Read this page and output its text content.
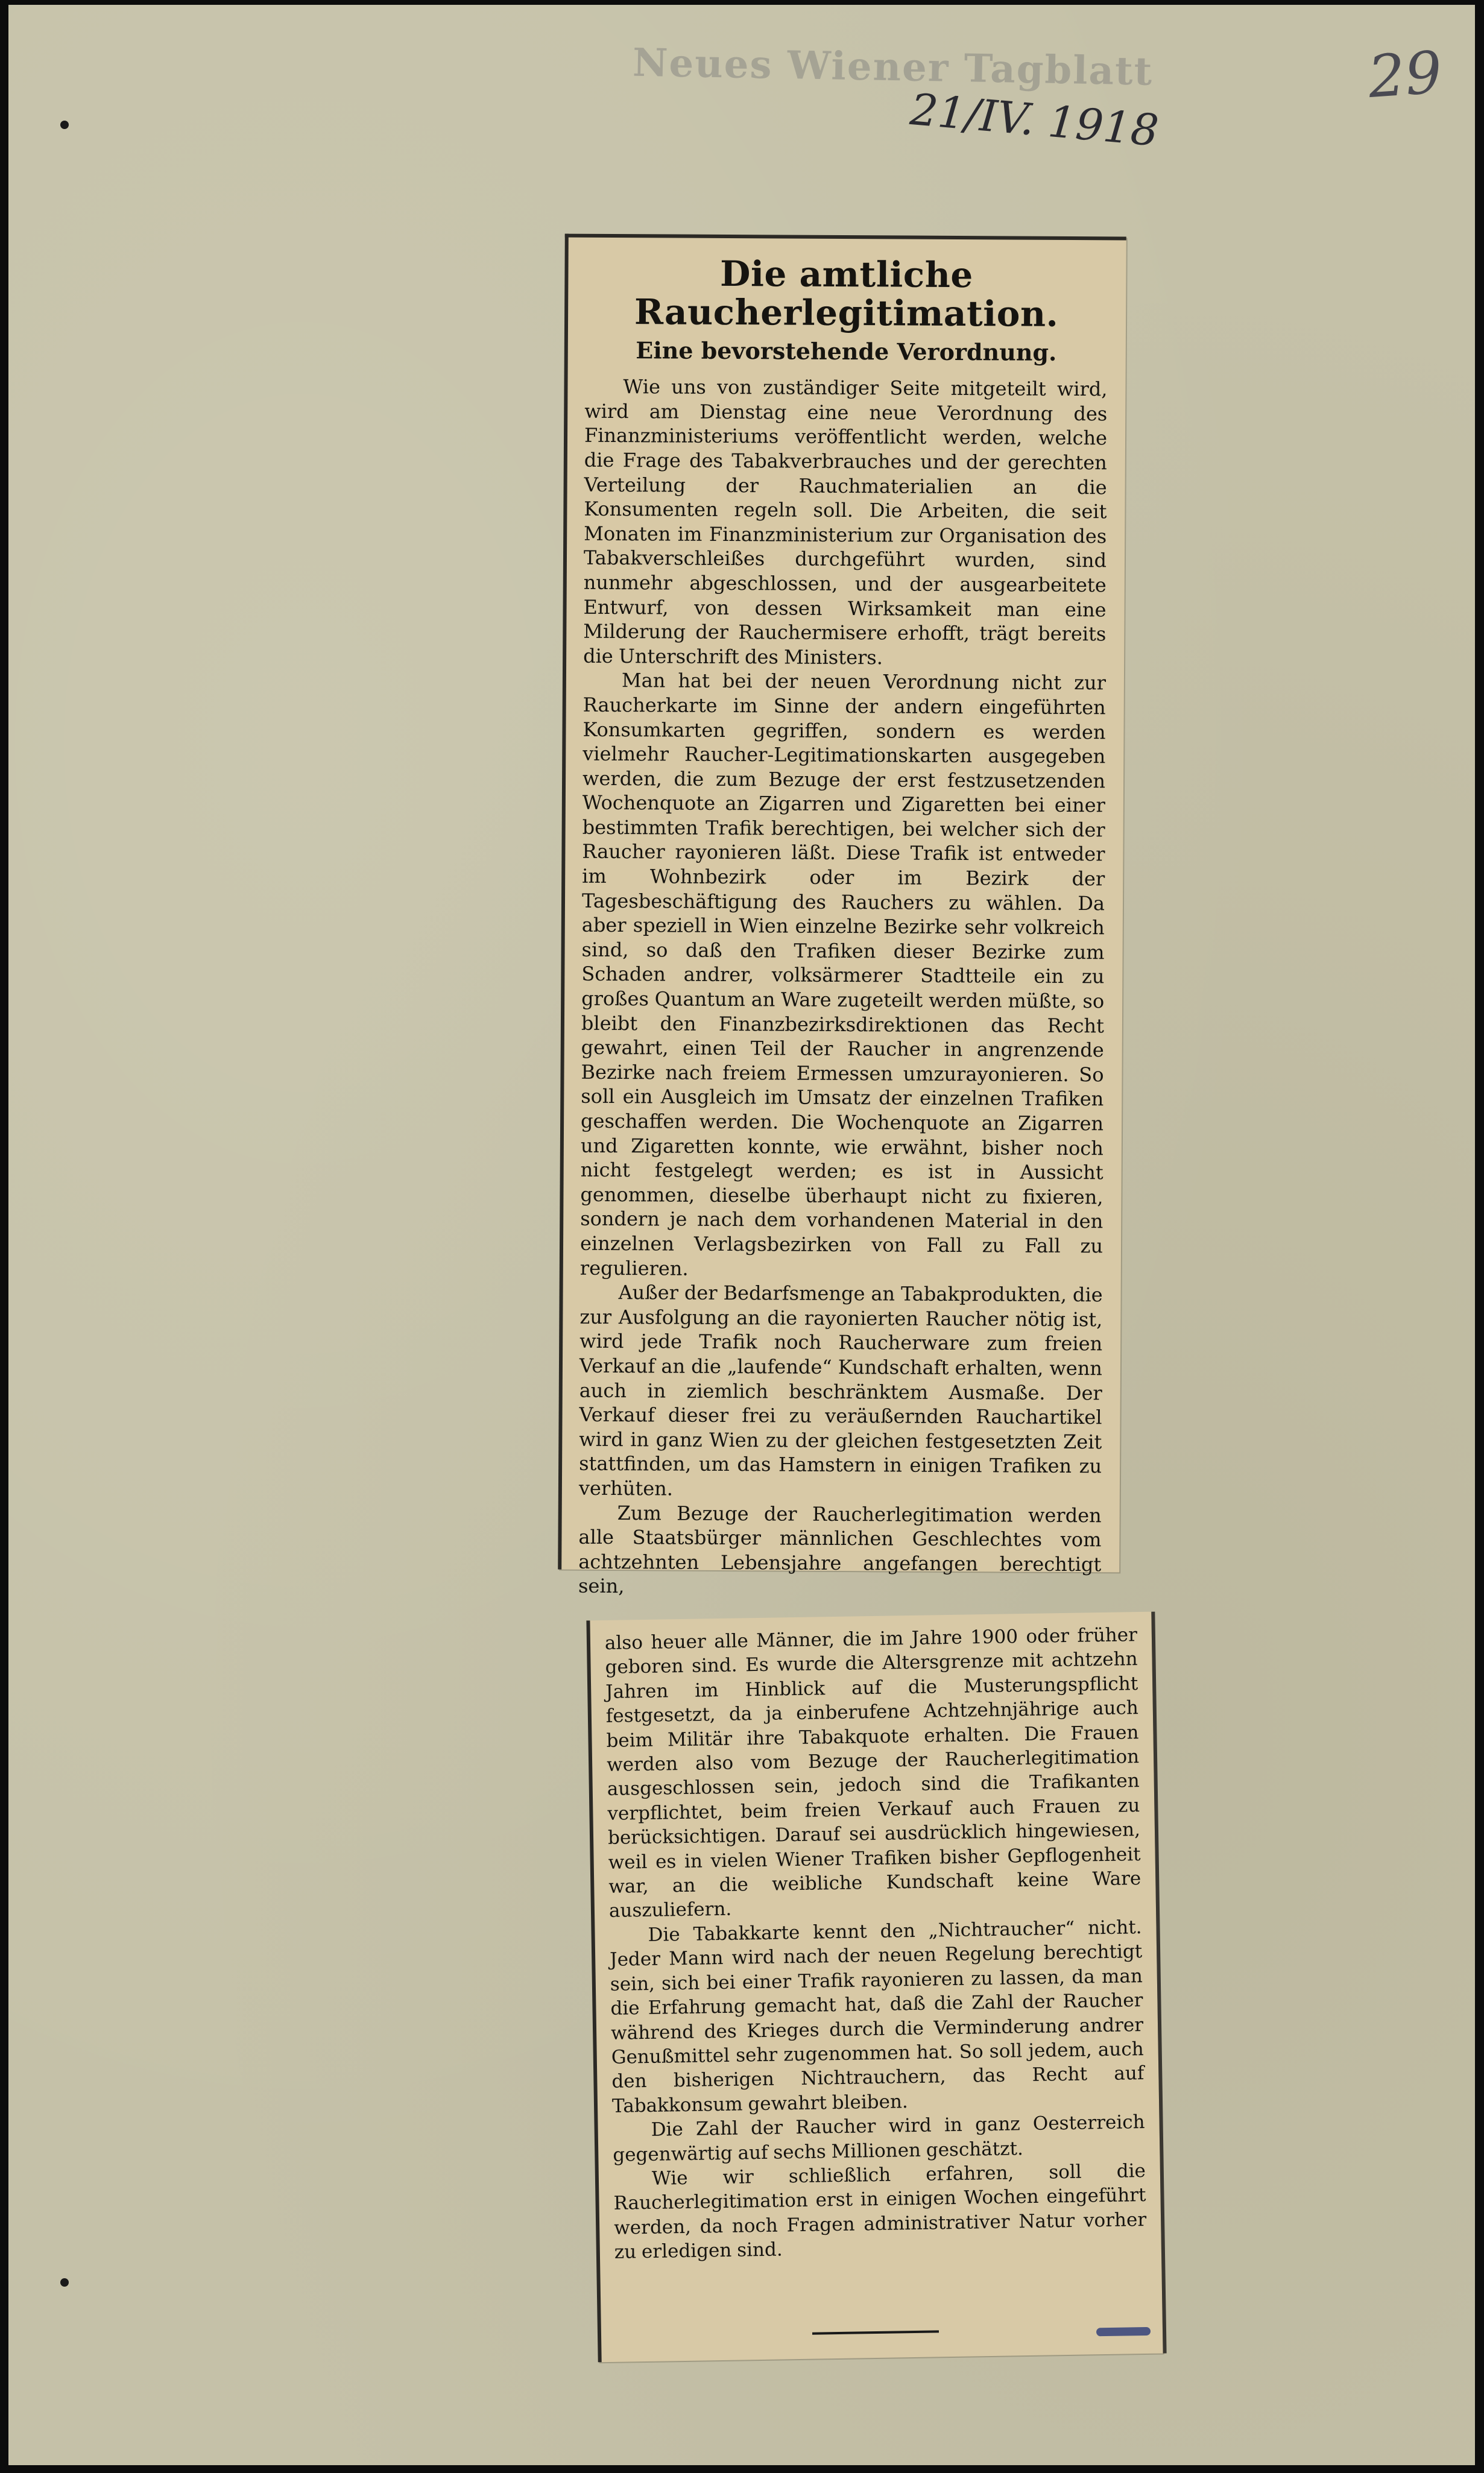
Neues Wiener Tagblatt
21/IV. 1918
29
Die amtliche Raucherlegitimation.
Eine bevorstehende Verordnung.

Wie uns von zuständiger Seite mitgeteilt wird, wird am Dienstag eine neue Verordnung des Finanzministeriums veröffentlicht werden, welche die Frage des Tabakverbrauches und der gerechten Verteilung der Rauchmaterialien an die Konsumenten regeln soll. Die Arbeiten, die seit Monaten im Finanzministerium zur Organisation des Tabakverschleißes durchgeführt wurden, sind nunmehr abgeschlossen, und der ausgearbeitete Entwurf, von dessen Wirksamkeit man eine Milderung der Rauchermisere erhofft, trägt bereits die Unterschrift des Ministers.

Man hat bei der neuen Verordnung nicht zur Raucherkarte im Sinne der andern eingeführten Konsumkarten gegriffen, sondern es werden vielmehr Raucher-Legitimationskarten ausgegeben werden, die zum Bezuge der erst festzusetzenden Wochenquote an Zigarren und Zigaretten bei einer bestimmten Trafik berechtigen, bei welcher sich der Raucher rayonieren läßt. Diese Trafik ist entweder im Wohnbezirk oder im Bezirk der Tagesbeschäftigung des Rauchers zu wählen. Da aber speziell in Wien einzelne Bezirke sehr volkreich sind, so daß den Trafiken dieser Bezirke zum Schaden andrer, volksärmerer Stadtteile ein zu großes Quantum an Ware zugeteilt werden müßte, so bleibt den Finanzbezirksdirektionen das Recht gewahrt, einen Teil der Raucher in angrenzende Bezirke nach freiem Ermessen umzurayonieren. So soll ein Ausgleich im Umsatz der einzelnen Trafiken geschaffen werden. Die Wochenquote an Zigarren und Zigaretten konnte, wie erwähnt, bisher noch nicht festgelegt werden; es ist in Aussicht genommen, dieselbe überhaupt nicht zu fixieren, sondern je nach dem vorhandenen Material in den einzelnen Verlagsbezirken von Fall zu Fall zu regulieren.

Außer der Bedarfsmenge an Tabakprodukten, die zur Ausfolgung an die rayonierten Raucher nötig ist, wird jede Trafik noch Raucherware zum freien Verkauf an die „laufende“ Kundschaft erhalten, wenn auch in ziemlich beschränktem Ausmaße. Der Verkauf dieser frei zu veräußernden Rauchartikel wird in ganz Wien zu der gleichen festgesetzten Zeit stattfinden, um das Hamstern in einigen Trafiken zu verhüten.

Zum Bezuge der Raucherlegitimation werden alle Staatsbürger männlichen Geschlechtes vom achtzehnten Lebensjahre angefangen berechtigt sein,

also heuer alle Männer, die im Jahre 1900 oder früher geboren sind. Es wurde die Altersgrenze mit achtzehn Jahren im Hinblick auf die Musterungspflicht festgesetzt, da ja einberufene Achtzehnjährige auch beim Militär ihre Tabakquote erhalten. Die Frauen werden also vom Bezuge der Raucherlegitimation ausgeschlossen sein, jedoch sind die Trafikanten verpflichtet, beim freien Verkauf auch Frauen zu berücksichtigen. Darauf sei ausdrücklich hingewiesen, weil es in vielen Wiener Trafiken bisher Gepflogenheit war, an die weibliche Kundschaft keine Ware auszuliefern.

Die Tabakkarte kennt den „Nichtraucher“ nicht. Jeder Mann wird nach der neuen Regelung berechtigt sein, sich bei einer Trafik rayonieren zu lassen, da man die Erfahrung gemacht hat, daß die Zahl der Raucher während des Krieges durch die Verminderung andrer Genußmittel sehr zugenommen hat. So soll jedem, auch den bisherigen Nichtrauchern, das Recht auf Tabakkonsum gewahrt bleiben.

Die Zahl der Raucher wird in ganz Oesterreich gegenwärtig auf sechs Millionen geschätzt.

Wie wir schließlich erfahren, soll die Raucherlegitimation erst in einigen Wochen eingeführt werden, da noch Fragen administrativer Natur vorher zu erledigen sind.
